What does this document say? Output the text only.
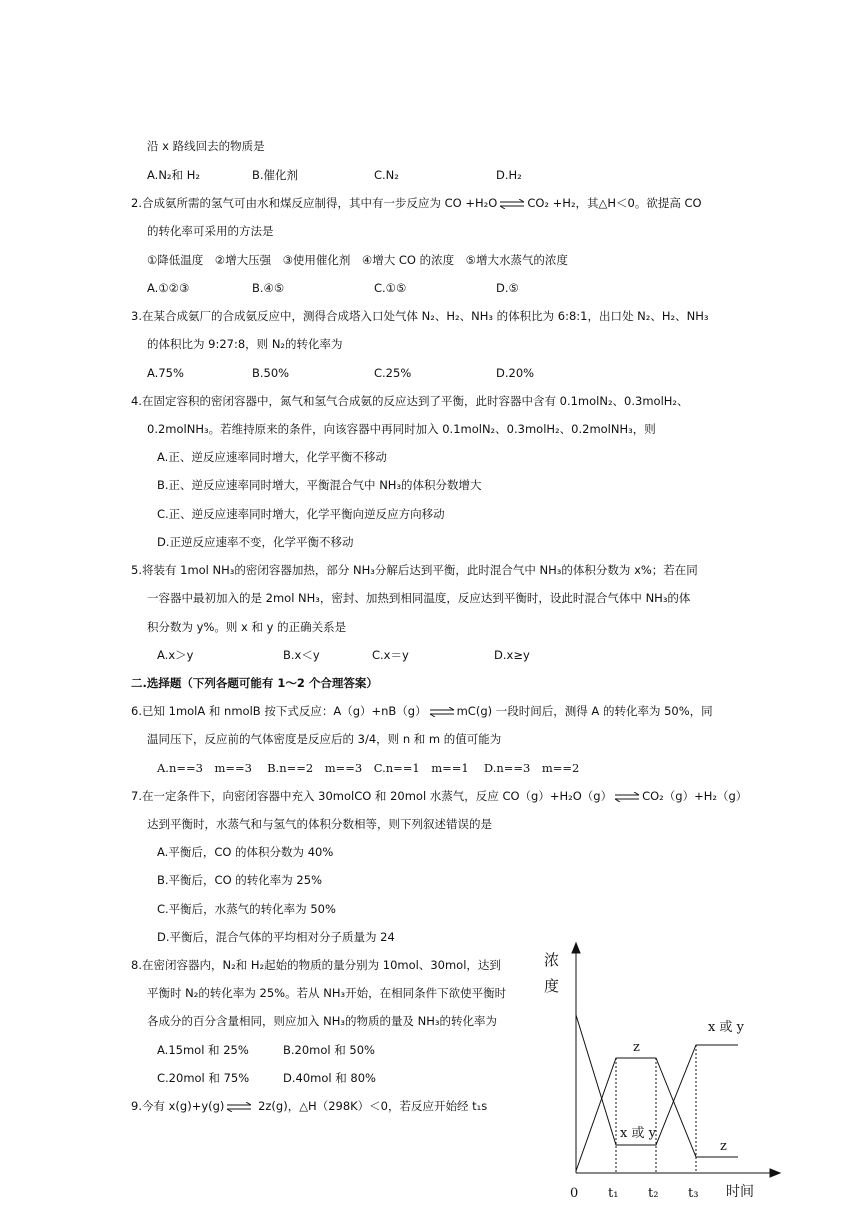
沿 x 路线回去的物质是
A.N₂和 H₂	B.催化剂	C.N₂	D.H₂
2.合成氨所需的氢气可由水和煤反应制得，其中有一步反应为 CO +H₂O ⇌ CO₂ +H₂，其△H＜0。欲提高 CO
的转化率可采用的方法是
①降低温度　②增大压强　③使用催化剂　④增大 CO 的浓度　⑤增大水蒸气的浓度
A.①②③	B.④⑤	C.①⑤	D.⑤
3.在某合成氨厂的合成氨反应中，测得合成塔入口处气体 N₂、H₂、NH₃ 的体积比为 6:8:1，出口处 N₂、H₂、NH₃
的体积比为 9:27:8，则 N₂的转化率为
A.75%	B.50%	C.25%	D.20%
4.在固定容积的密闭容器中，氮气和氢气合成氨的反应达到了平衡，此时容器中含有 0.1molN₂、0.3molH₂、
0.2molNH₃。若维持原来的条件，向该容器中再同时加入 0.1molN₂、0.3molH₂、0.2molNH₃，则
A.正、逆反应速率同时增大，化学平衡不移动
B.正、逆反应速率同时增大，平衡混合气中 NH₃的体积分数增大
C.正、逆反应速率同时增大，化学平衡向逆反应方向移动
D.正逆反应速率不变，化学平衡不移动
5.将装有 1mol NH₃的密闭容器加热，部分 NH₃分解后达到平衡，此时混合气中 NH₃的体积分数为 x%；若在同
一容器中最初加入的是 2mol NH₃，密封、加热到相同温度，反应达到平衡时，设此时混合气体中 NH₃的体
积分数为 y%。则 x 和 y 的正确关系是
A.x＞y	B.x＜y	C.x＝y	D.x≥y
二.选择题（下列各题可能有 1～2 个合理答案）
6.已知 1molA 和 nmolB 按下式反应：A（g）+nB（g） ⇌ mC(g) 一段时间后，测得 A 的转化率为 50%，同
温同压下，反应前的气体密度是反应后的 3/4，则 n 和 m 的值可能为
A.n==3　m==3　 B.n==2　m==3　C.n==1　m==1　 D.n==3　m==2
7.在一定条件下，向密闭容器中充入 30molCO 和 20mol 水蒸气，反应 CO（g）+H₂O（g） ⇌ CO₂（g）+H₂（g）
达到平衡时，水蒸气和与氢气的体积分数相等，则下列叙述错误的是
A.平衡后，CO 的体积分数为 40%
B.平衡后，CO 的转化率为 25%
C.平衡后，水蒸气的转化率为 50%
D.平衡后，混合气体的平均相对分子质量为 24
8.在密闭容器内，N₂和 H₂起始的物质的量分别为 10mol、30mol，达到
平衡时 N₂的转化率为 25%。若从 NH₃开始，在相同条件下欲使平衡时
各成分的百分含量相同，则应加入 NH₃的物质的量及 NH₃的转化率为
A.15mol 和 25%	B.20mol 和 50%
C.20mol 和 75%	D.40mol 和 80%
9.今有 x(g)+y(g) ⇌ 2z(g)，△H（298K）＜0，若反应开始经 t₁s
浓
度
x 或 y
z
x 或 y
z
0 t₁ t₂ t₃ 时间
